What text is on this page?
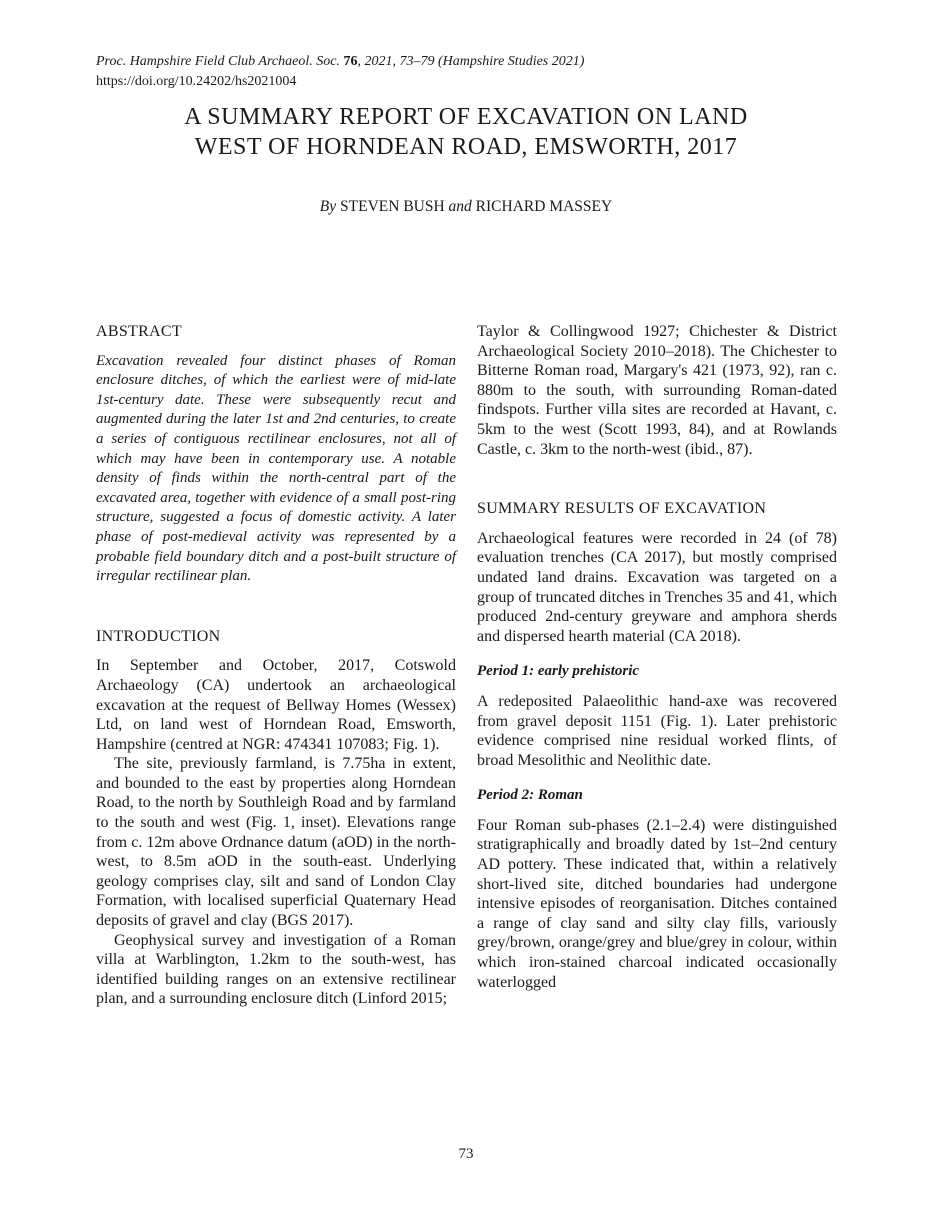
Proc. Hampshire Field Club Archaeol. Soc. 76, 2021, 73–79 (Hampshire Studies 2021)
https://doi.org/10.24202/hs2021004
A SUMMARY REPORT OF EXCAVATION ON LAND
WEST OF HORNDEAN ROAD, EMSWORTH, 2017
By STEVEN BUSH and RICHARD MASSEY
ABSTRACT

Excavation revealed four distinct phases of Roman enclosure ditches, of which the earliest were of mid-late 1st-century date. These were subsequently recut and augmented during the later 1st and 2nd centuries, to create a series of contiguous rectilinear enclosures, not all of which may have been in contemporary use. A notable density of finds within the north-central part of the excavated area, together with evidence of a small post-ring structure, suggested a focus of domestic activity. A later phase of post-medieval activity was represented by a probable field boundary ditch and a post-built structure of irregular rectilinear plan.

INTRODUCTION

In September and October, 2017, Cotswold Archaeology (CA) undertook an archaeological excavation at the request of Bellway Homes (Wessex) Ltd, on land west of Horndean Road, Emsworth, Hampshire (centred at NGR: 474341 107083; Fig. 1).

The site, previously farmland, is 7.75ha in extent, and bounded to the east by properties along Horndean Road, to the north by Southleigh Road and by farmland to the south and west (Fig. 1, inset). Elevations range from c. 12m above Ordnance datum (aOD) in the north-west, to 8.5m aOD in the south-east. Underlying geology comprises clay, silt and sand of London Clay Formation, with localised superficial Quaternary Head deposits of gravel and clay (BGS 2017).

Geophysical survey and investigation of a Roman villa at Warblington, 1.2km to the south-west, has identified building ranges on an extensive rectilinear plan, and a surrounding enclosure ditch (Linford 2015;

Taylor & Collingwood 1927; Chichester & District Archaeological Society 2010–2018). The Chichester to Bitterne Roman road, Margary's 421 (1973, 92), ran c. 880m to the south, with surrounding Roman-dated findspots. Further villa sites are recorded at Havant, c. 5km to the west (Scott 1993, 84), and at Rowlands Castle, c. 3km to the north-west (ibid., 87).

SUMMARY RESULTS OF EXCAVATION

Archaeological features were recorded in 24 (of 78) evaluation trenches (CA 2017), but mostly comprised undated land drains. Excavation was targeted on a group of truncated ditches in Trenches 35 and 41, which produced 2nd-century greyware and amphora sherds and dispersed hearth material (CA 2018).

Period 1: early prehistoric

A redeposited Palaeolithic hand-axe was recovered from gravel deposit 1151 (Fig. 1). Later prehistoric evidence comprised nine residual worked flints, of broad Mesolithic and Neolithic date.

Period 2: Roman

Four Roman sub-phases (2.1–2.4) were distinguished stratigraphically and broadly dated by 1st–2nd century AD pottery. These indicated that, within a relatively short-lived site, ditched boundaries had undergone intensive episodes of reorganisation. Ditches contained a range of clay sand and silty clay fills, variously grey/brown, orange/grey and blue/grey in colour, within which iron-stained charcoal indicated occasionally waterlogged

73
